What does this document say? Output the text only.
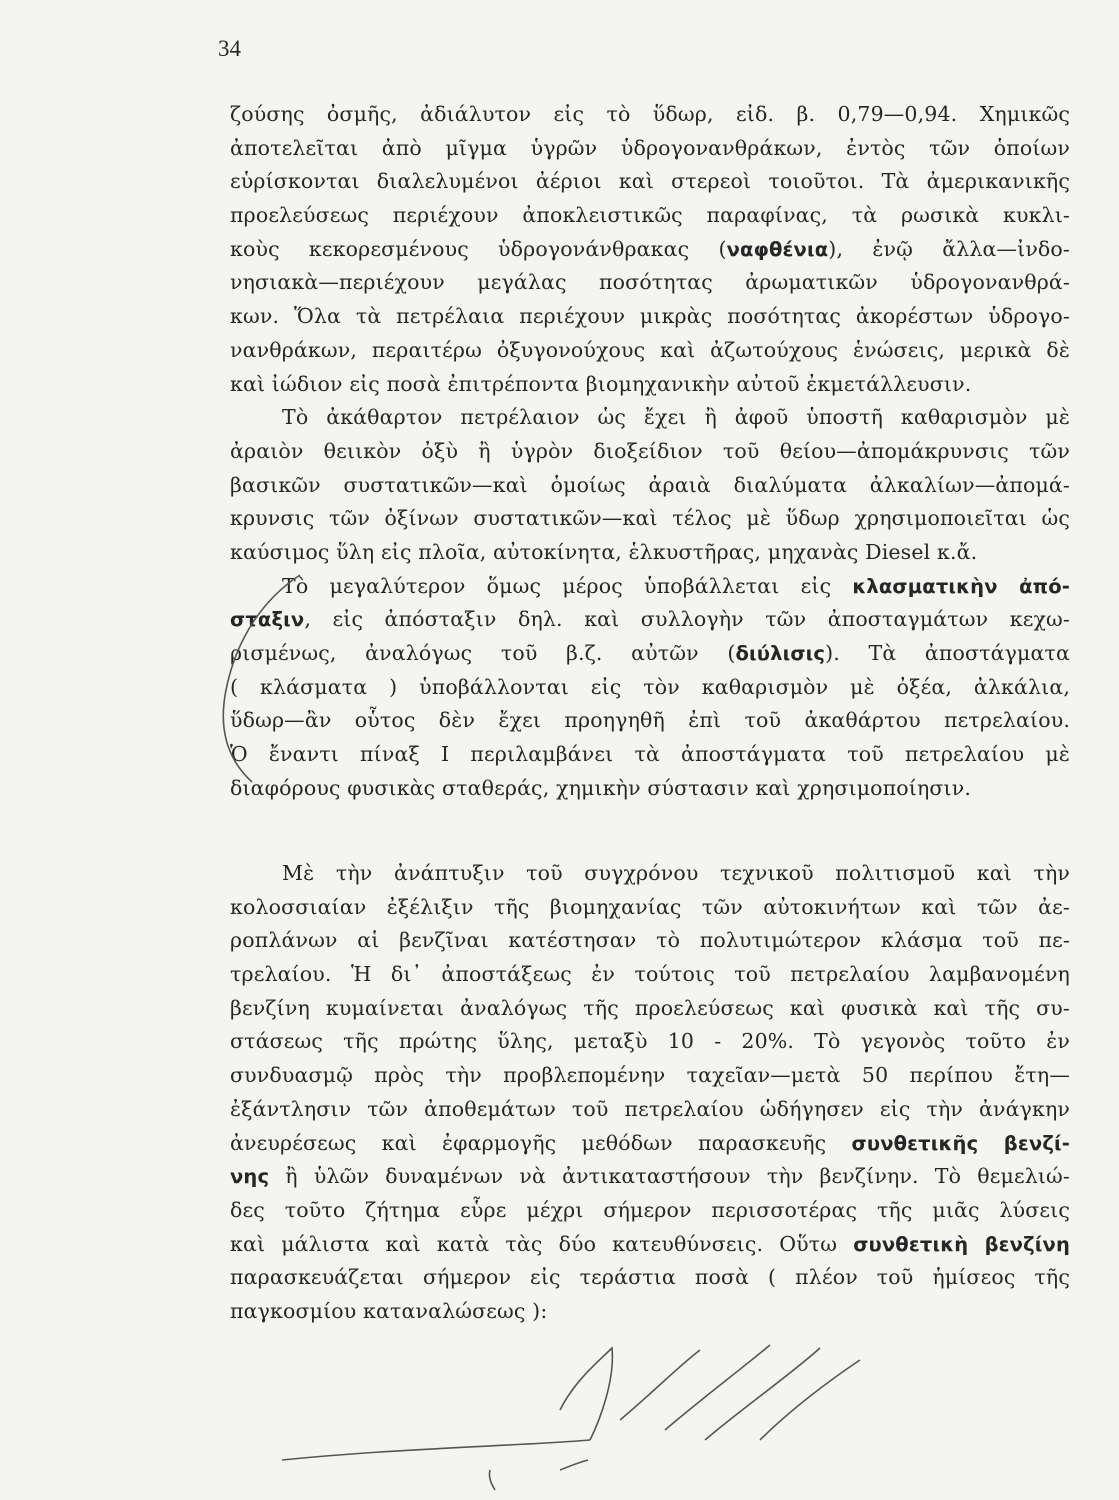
34
ζούσης ὀσμῆς, ἀδιάλυτον εἰς τὸ ὕδωρ, εἰδ. β. 0,79—0,94. Χημικῶς
ἀποτελεῖται ἀπὸ μῖγμα ὑγρῶν ὑδρογονανθράκων, ἐντὸς τῶν ὁποίων
εὑρίσκονται διαλελυμένοι ἀέριοι καὶ στερεοὶ τοιοῦτοι. Τὰ ἀμερικανικῆς
προελεύσεως περιέχουν ἀποκλειστικῶς παραφίνας, τὰ ρωσικὰ κυκλι-
κοὺς κεκορεσμένους ὑδρογονάνθρακας (ναφθένια), ἐνῷ ἄλλα—ἰνδο-
νησιακὰ—περιέχουν μεγάλας ποσότητας ἀρωματικῶν ὑδρογονανθρά-
κων. Ὅλα τὰ πετρέλαια περιέχουν μικρὰς ποσότητας ἀκορέστων ὑδρογο-
νανθράκων, περαιτέρω ὀξυγονούχους καὶ ἀζωτούχους ἑνώσεις, μερικὰ δὲ
καὶ ἰώδιον εἰς ποσὰ ἐπιτρέποντα βιομηχανικὴν αὐτοῦ ἐκμετάλλευσιν.
Τὸ ἀκάθαρτον πετρέλαιον ὡς ἔχει ἢ ἀφοῦ ὑποστῆ καθαρισμὸν μὲ
ἀραιὸν θειικὸν ὀξὺ ἢ ὑγρὸν διοξείδιον τοῦ θείου—ἀπομάκρυνσις τῶν
βασικῶν συστατικῶν—καὶ ὁμοίως ἀραιὰ διαλύματα ἀλκαλίων—ἀπομά-
κρυνσις τῶν ὀξίνων συστατικῶν—καὶ τέλος μὲ ὕδωρ χρησιμοποιεῖται ὡς
καύσιμος ὕλη εἰς πλοῖα, αὐτοκίνητα, ἑλκυστῆρας, μηχανὰς Diesel κ.ἄ.
Τὸ μεγαλύτερον ὅμως μέρος ὑποβάλλεται εἰς κλασματικὴν ἀπό-
σταξιν, εἰς ἀπόσταξιν δηλ. καὶ συλλογὴν τῶν ἀποσταγμάτων κεχω-
ρισμένως, ἀναλόγως τοῦ β.ζ. αὐτῶν (διύλισις). Τὰ ἀποστάγματα
( κλάσματα ) ὑποβάλλονται εἰς τὸν καθαρισμὸν μὲ ὀξέα, ἀλκάλια,
ὕδωρ—ἂν οὗτος δὲν ἔχει προηγηθῆ ἐπὶ τοῦ ἀκαθάρτου πετρελαίου.
Ὁ ἔναντι πίναξ Ι περιλαμβάνει τὰ ἀποστάγματα τοῦ πετρελαίου μὲ
διαφόρους φυσικὰς σταθεράς, χημικὴν σύστασιν καὶ χρησιμοποίησιν.
Μὲ τὴν ἀνάπτυξιν τοῦ συγχρόνου τεχνικοῦ πολιτισμοῦ καὶ τὴν
κολοσσιαίαν ἐξέλιξιν τῆς βιομηχανίας τῶν αὐτοκινήτων καὶ τῶν ἀε-
ροπλάνων αἱ βενζῖναι κατέστησαν τὸ πολυτιμώτερον κλάσμα τοῦ πε-
τρελαίου. Ἡ δι᾽ ἀποστάξεως ἐν τούτοις τοῦ πετρελαίου λαμβανομένη
βενζίνη κυμαίνεται ἀναλόγως τῆς προελεύσεως καὶ φυσικὰ καὶ τῆς συ-
στάσεως τῆς πρώτης ὕλης, μεταξὺ 10 - 20%. Τὸ γεγονὸς τοῦτο ἐν
συνδυασμῷ πρὸς τὴν προβλεπομένην ταχεῖαν—μετὰ 50 περίπου ἔτη—
ἐξάντλησιν τῶν ἀποθεμάτων τοῦ πετρελαίου ὡδήγησεν εἰς τὴν ἀνάγκην
ἀνευρέσεως καὶ ἐφαρμογῆς μεθόδων παρασκευῆς συνθετικῆς βενζί-
νης ἢ ὑλῶν δυναμένων νὰ ἀντικαταστήσουν τὴν βενζίνην. Τὸ θεμελιώ-
δες τοῦτο ζήτημα εὗρε μέχρι σήμερον περισσοτέρας τῆς μιᾶς λύσεις
καὶ μάλιστα καὶ κατὰ τὰς δύο κατευθύνσεις. Οὕτω συνθετικὴ βενζίνη
παρασκευάζεται σήμερον εἰς τεράστια ποσὰ ( πλέον τοῦ ἡμίσεος τῆς
παγκοσμίου καταναλώσεως ):
